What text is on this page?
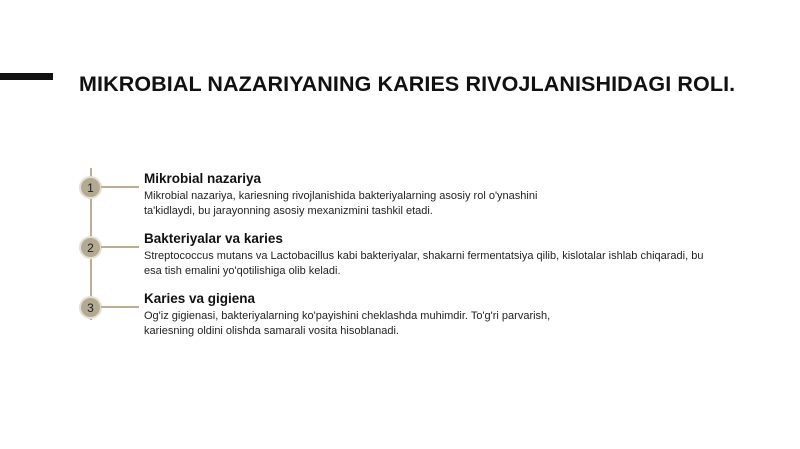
MIKROBIAL NAZARIYANING KARIES RIVOJLANISHIDAGI ROLI.
1
Mikrobial nazariya
Mikrobial nazariya, kariesning rivojlanishida bakteriyalarning asosiy rol o'ynashini ta'kidlaydi, bu jarayonning asosiy mexanizmini tashkil etadi.
2
Bakteriyalar va karies
Streptococcus mutans va Lactobacillus kabi bakteriyalar, shakarni fermentatsiya qilib, kislotalar ishlab chiqaradi, bu esa tish emalini yo'qotilishiga olib keladi.
3
Karies va gigiena
Og'iz gigienasi, bakteriyalarning ko'payishini cheklashda muhimdir. To'g'ri parvarish, kariesning oldini olishda samarali vosita hisoblanadi.
